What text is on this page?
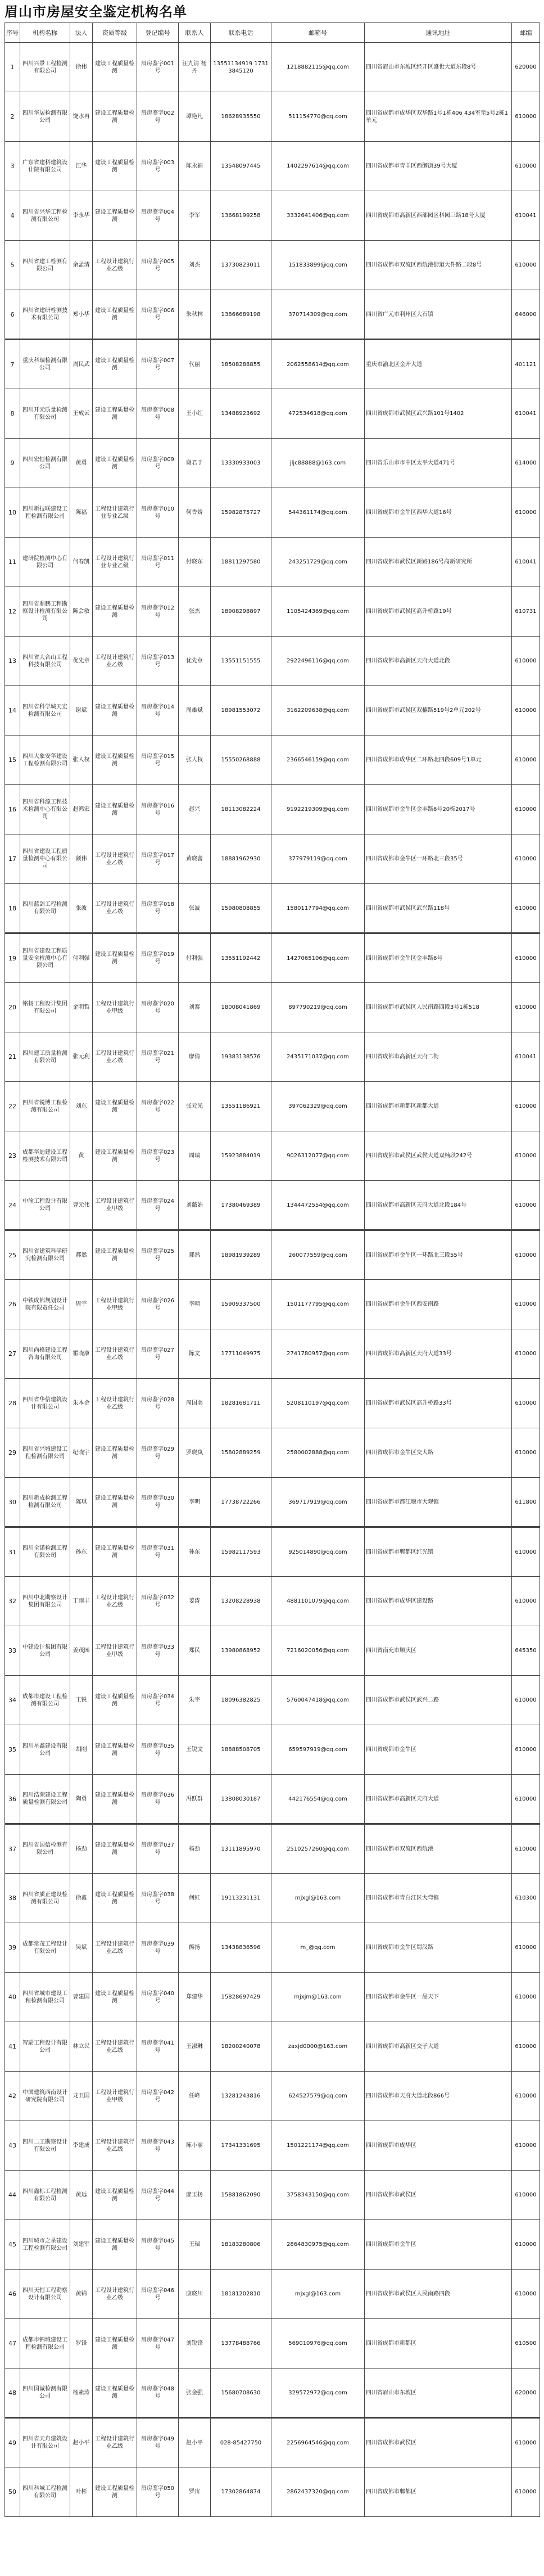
眉山市房屋安全鉴定机构名单
序号	机构名称	法人	资质等级	登记编号	联系人	联系电话	邮箱号	通讯地址	邮编
1	四川兴景工程检测有限公司	徐伟	建设工程质量检测	眉房鉴字001号	汪九清 杨丹	13551134919 17313845120	1218882115@qq.com	四川省眉山市东坡区经开区盛世大道东段8号	620000
2	四川华居检测有限公司	饶水再	建设工程质量检测	眉房鉴字002号	谭艳凡	18628935550	511154770@qq.com	四川省成都市成华区双华路1号1栋406 434室至5号2栋1单元	610000
3	广东省建科建筑设计院有限公司	江华	建设工程质量检测	眉房鉴字003号	陈永福	13548097445	1402297614@qq.com	四川省成都市青羊区西御街39号大厦	610000
4	四川省兴华工程检测有限公司	李永华	建设工程质量检测	眉房鉴字004号	李军	13668199258	3332641406@qq.com	四川省成都市高新区西部园区科园三路18号大厦	610041
5	四川省建工检测有限公司	余孟清	工程设计建筑行业乙级	眉房鉴字005号	刘杰	13730823011	151833899@qq.com	四川省成都市双流区西航港街道大件路二段8号	610000
6	四川省建研检测技术有限公司	郑小华	建设工程质量检测	眉房鉴字006号	朱秋林	13866689198	370714309@qq.com	四川省广元市利州区大石镇	646000
7	重庆科瑞检测有限公司	周民武	建设工程质量检测	眉房鉴字007号	代丽	18508288855	2062558614@qq.com	重庆市渝北区金开大道	401121
8	四川开元质量检测有限公司	王成云	建设工程质量检测	眉房鉴字008号	王小红	13488923692	472534618@qq.com	四川省成都市武侯区武兴路101号1402	610041
9	四川宏恒检测有限公司	黄勇	建设工程质量检测	眉房鉴字009号	谢君于	13330933003	jljc88888@163.com	四川省乐山市市中区太平大道471号	614000
10	四川新技联建设工程检测有限公司	陈福	工程设计建筑行业专业乙级	眉房鉴字010号	何香娇	15982875727	544361174@qq.com	四川省成都市金牛区西华大道16号	610000
11	建研院检测中心有限公司	何春凯	工程设计建筑行业专业乙级	眉房鉴字011号	付晓东	18811297580	243251729@qq.com	四川省成都市武侯区新路186号高新研究所	610041
12	四川省鼎鹏工程勘察设计检测有限公司	陈会敏	建设工程质量检测	眉房鉴字012号	张杰	18908298897	1105424369@qq.com	四川省成都市武侯区高升桥路19号	610731
13	四川省大合山工程科技有限公司	优先章	工程设计建筑行业乙级	眉房鉴字013号	优先章	13551151555	2922496116@qq.com	四川省成都市高新区天府大道北段	610000
14	四川省科学城天宏检测有限公司	谢斌	建设工程质量检测	眉房鉴字014号	周雄斌	18981553072	3162209638@qq.com	四川省成都市武侯区双楠路519号2单元202号	610000
15	四川大象安华建设工程检测有限公司	张人权	建设工程质量检测	眉房鉴字015号	张人权	15550268888	2366546159@qq.com	四川省成都市成华区二环路北四段609号1单元	610000
16	四川省科源工程技术检测中心有限公司	赵鸿宏	建设工程质量检测	眉房鉴字016号	赵兴	18113082224	9192219309@qq.com	四川省成都市金牛区金丰路6号20栋2017号	610000
17	四川省建设工程质量检测中心有限公司	颜伟	工程设计建筑行业乙级	眉房鉴字017号	黄晓蕾	18881962930	377979119@qq.com	四川省成都市金牛区一环路北三段35号	610000
18	四川蓝剑工程检测有限公司	张波	工程设计建筑行业乙级	眉房鉴字018号	张波	15980808855	1580117794@qq.com	四川省成都市武侯区武兴路118号	610000
19	四川省建设工程质量安全检测中心有限公司	付利强	建设工程质量检测	眉房鉴字019号	付利强	13551192442	1427065106@qq.com	四川省成都市金牛区金丰路6号	610000
20	铭扬工程设计集团有限公司	金明哲	工程设计建筑行业甲级	眉房鉴字020号	刘寨	18008041869	897790219@qq.com	四川省成都市武侯区人民南路四段3号1栋518	610000
21	四川建工质量检测有限公司	张元利	工程设计建筑行业乙级	眉房鉴字021号	廖倩	19383138576	2435171037@qq.com	四川省成都市高新区天府二街	610041
22	四川省锐博工程检测有限公司	刘东	建设工程质量检测	眉房鉴字022号	张元光	13551186921	397062329@qq.com	四川省成都市新都区新都大道	610000
23	成都华迪建设工程检测技术有限公司	黄	建设工程质量检测	眉房鉴字023号	周瑞	15923884019	9026312077@qq.com	四川省成都市武侯区武侯大道双楠段242号	610000
24	中渝工程设计有限公司	曹元伟	工程设计建筑行业甲级	眉房鉴字024号	刘薇娟	17380469389	1344472554@qq.com	四川省成都市高新区天府大道北段184号	610000
25	四川省建筑科学研究检测有限公司	郝然	建设工程质量检测	眉房鉴字025号	郝然	18981939289	260077559@qq.com	四川省成都市金牛区一环路北三段55号	610000
26	中铁成都规划设计院有限责任公司	周宇	工程设计建筑行业甲级	眉房鉴字026号	李晴	15909337500	1501177795@qq.com	四川省成都市金牛区西安南路	610000
27	四川尚格建设工程咨询有限公司	霍晓康	工程设计建筑行业乙级	眉房鉴字027号	陈文	17711049975	2741780957@qq.com	四川省成都市高新区天府大道33号	610000
28	四川省华信建筑设计有限公司	朱本金	工程设计建筑行业乙级	眉房鉴字028号	周国美	18281681711	5208110197@qq.com	四川省成都市武侯区高升桥路33号	610000
29	四川省兴城建设工程检测有限公司	纪晓宇	建设工程质量检测	眉房鉴字029号	罗晓岚	15802889259	2580002888@qq.com	四川省成都市金牛区交大路	610000
30	四川新成检测工程检测有限公司	陈琪	建设工程质量检测	眉房鉴字030号	李明	17738722266	369717919@qq.com	四川省成都市都江堰市大观镇	611800
31	四川全诺检测工程有限公司	孙东	建设工程质量检测	眉房鉴字031号	孙东	15982117593	925014890@qq.com	四川省成都市郫都区红光镇	610000
32	四川中北勘察设计集团有限公司	丁雨丰	工程设计建筑行业乙级	眉房鉴字032号	姜涛	13208228938	4881101079@qq.com	四川省成都市成华区建设路	610000
33	中建设计集团有限公司	姜茂园	工程设计建筑行业甲级	眉房鉴字033号	郑民	13980868952	7216020056@qq.com	四川省南充市顺庆区	645350
34	成都市建设工程检测有限公司	王锐	建设工程质量检测	眉房鉴字034号	朱宇	18096382825	5760047418@qq.com	四川省成都市武侯区武兴二路	610000
35	四川星鑫建设有限公司	胡刚	建设工程质量检测	眉房鉴字035号	王锐文	18888508705	659597919@qq.com	四川省成都市金牛区	610000
36	四川浩荣建设工程质量检测有限公司	陶勇	建设工程质量检测	眉房鉴字036号	冯跃群	13808030187	442176554@qq.com	四川省成都市高新区天府大道	610000
37	四川省国信检测有限公司	杨劲	建设工程质量检测	眉房鉴字037号	杨劲	13111895970	2510257260@qq.com	四川省成都市双流区西航港	610000
38	四川省质正建设检测有限公司	徐鑫	建设工程质量检测	眉房鉴字038号	何虹	19113231131	mjxgl@163.com	四川省成都市青白江区大弯镇	610300
39	成都常茂工程设计有限公司	吴斌	工程设计建筑行业乙级	眉房鉴字039号	熊扬	13438836596	m_@qq.com	四川省成都市金牛区蜀汉路	610000
40	四川省城市建设工程检测有限公司	曹建国	建设工程质量检测	眉房鉴字040号	郑建华	15828697429	mjxjm@163.com	四川省成都市金牛区一品天下	610000
41	智励工程设计有限公司	林立民	工程设计建筑行业乙级	眉房鉴字041号	王淑琳	18200240078	zaxjd0000@163.com	四川省成都市高新区交子大道	610000
42	中国建筑西南设计研究院有限公司	龙卫国	工程设计建筑行业甲级	眉房鉴字042号	任峰	13281243816	624527579@qq.com	四川省成都市天府大道北段866号	610000
43	四川二工勘察设计有限公司	李建成	工程设计建筑行业乙级	眉房鉴字043号	陈小丽	17341331695	1501221174@qq.com	四川省成都市成华区	610000
44	四川鑫标工程检测有限公司	黄远	建设工程质量检测	眉房鉴字044号	廖玉扬	15881862090	3758343150@qq.com	四川省成都市武侯区	610000
45	四川城市之星建设工程检测有限公司	刘建军	建设工程质量检测	眉房鉴字045号	王瑞	18183280806	2864830975@qq.com	四川省成都市金牛区	610000
46	四川天恒工程勘察设计有限公司	黄锦	工程设计建筑行业乙级	眉房鉴字046号	康晓川	18181202810	mjxgl@163.com	四川省成都市武侯区人民南路四段	610000
47	成都市锦城建设工程检测有限公司	罗锋	建设工程质量检测	眉房鉴字047号	刘锐锋	13778488766	569010976@qq.com	四川省成都市新都区	610500
48	四川国诚检测有限公司	杨素涛	建设工程质量检测	眉房鉴字048号	张金强	15680708630	329572972@qq.com	四川省眉山市东坡区	620000
49	四川省天舟建筑设计有限公司	赵小平	工程设计建筑行业乙级	眉房鉴字049号	赵小平	028-85427750	2256964546@qq.com	四川省成都市武侯区	610000
50	四川科城工程检测有限公司	叶彬	建设工程质量检测	眉房鉴字050号	罗宙	17302864874	2862437320@qq.com	四川省成都市郫都区	610000
